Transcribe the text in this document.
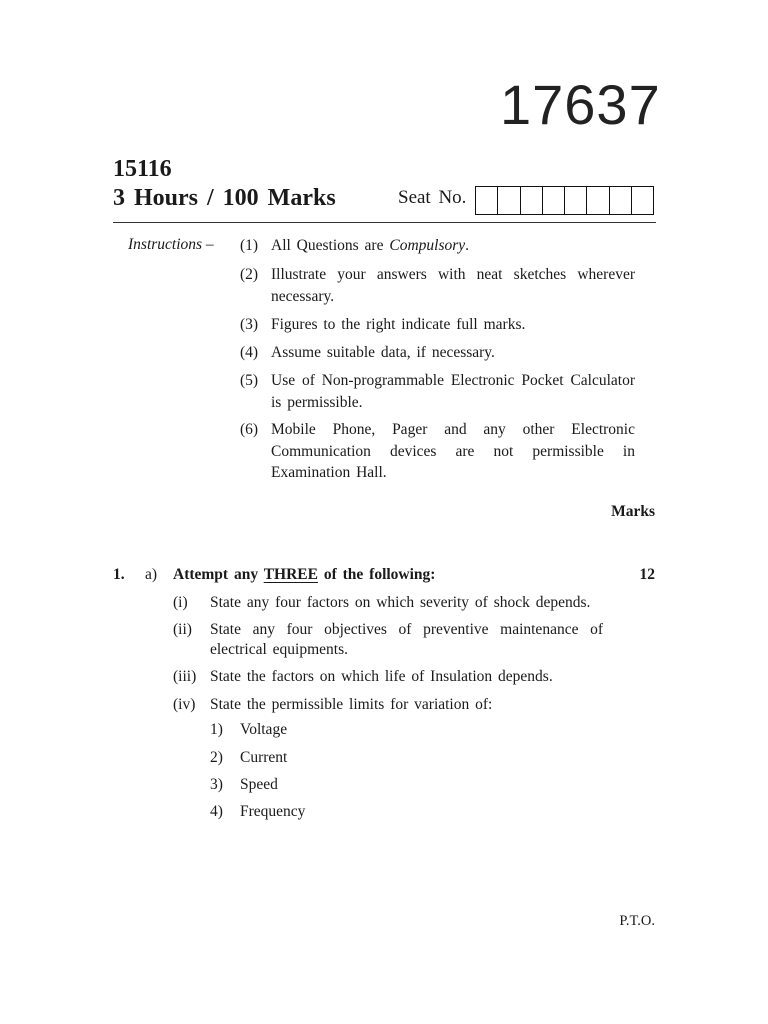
17637
15116
3 Hours / 100 Marks	Seat No.
Instructions – (1) All Questions are Compulsory.
(2) Illustrate your answers with neat sketches wherever necessary.
(3) Figures to the right indicate full marks.
(4) Assume suitable data, if necessary.
(5) Use of Non-programmable Electronic Pocket Calculator is permissible.
(6) Mobile Phone, Pager and any other Electronic Communication devices are not permissible in Examination Hall.
Marks
1. a) Attempt any THREE of the following:	12
(i) State any four factors on which severity of shock depends.
(ii) State any four objectives of preventive maintenance of electrical equipments.
(iii) State the factors on which life of Insulation depends.
(iv) State the permissible limits for variation of:
1) Voltage
2) Current
3) Speed
4) Frequency
P.T.O.
